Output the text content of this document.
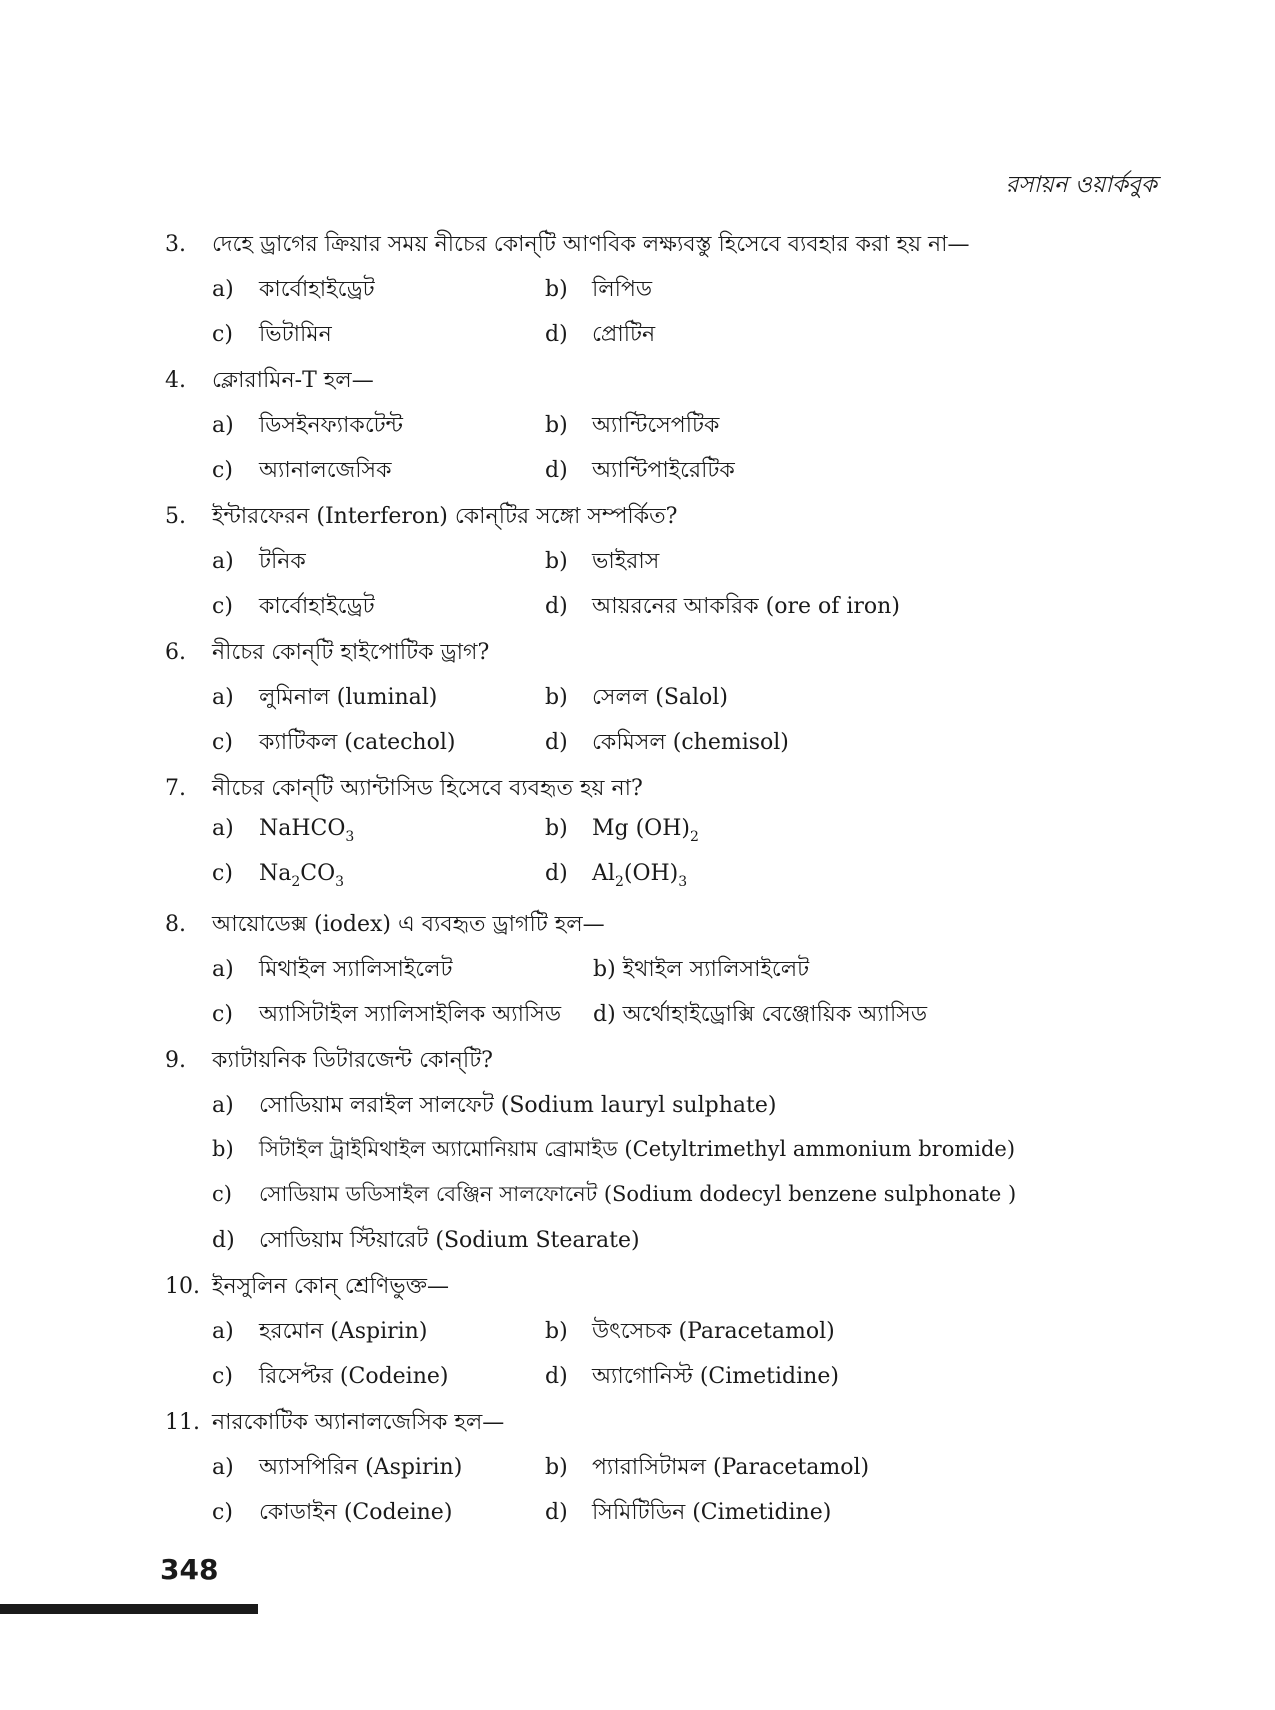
রসায়ন ওয়ার্কবুক
3. দেহে ড্রাগের ক্রিয়ার সময় নীচের কোন্‌টি আণবিক লক্ষ্যবস্তু হিসেবে ব্যবহার করা হয় না—
a) কার্বোহাইড্রেট	b) লিপিড
c) ভিটামিন	d) প্রোটিন
4. ক্লোরামিন-T হল—
a) ডিসইনফ্যাকটেন্ট	b) অ্যান্টিসেপটিক
c) অ্যানালজেসিক	d) অ্যান্টিপাইরেটিক
5. ইন্টারফেরন (Interferon) কোন্‌টির সঙ্গো সম্পর্কিত?
a) টনিক	b) ভাইরাস
c) কার্বোহাইড্রেট	d) আয়রনের আকরিক (ore of iron)
6. নীচের কোন্‌টি হাইপোটিক ড্রাগ?
a) লুমিনাল (luminal)	b) সেলল (Salol)
c) ক্যাটিকল (catechol)	d) কেমিসল (chemisol)
7. নীচের কোন্‌টি অ্যান্টাসিড হিসেবে ব্যবহৃত হয় না?
a) NaHCO$_3$	b) Mg $(OH)_2$
c) $Na_2CO_3$	d) $Al_2(OH)_3$
8. আয়োডেক্স (iodex) এ ব্যবহৃত ড্রাগটি হল—
a) মিথাইল স্যালিসাইলেট	b) ইথাইল স্যালিসাইলেট
c) অ্যাসিটাইল স্যালিসাইলিক অ্যাসিড d) অর্থোহাইড্রোক্সি বেঞ্জোয়িক অ্যাসিড
9. ক্যাটায়নিক ডিটারজেন্ট কোন্‌টি?
a) সোডিয়াম লরাইল সালফেট (Sodium lauryl sulphate)
b) সিটাইল ট্রাইমিথাইল অ্যামোনিয়াম ব্রোমাইড (Cetyltrimethyl ammonium bromide)
c) সোডিয়াম ডডিসাইল বেঞ্জিন সালফোনেট (Sodium dodecyl benzene sulphonate )
d) সোডিয়াম স্টিয়ারেট (Sodium Stearate)
10. ইনসুলিন কোন্ শ্রেণিভুক্ত—
a) হরমোন (Aspirin)	b) উৎসেচক (Paracetamol)
c) রিসেপ্টর (Codeine)	d) অ্যাগোনিস্ট (Cimetidine)
11. নারকোটিক অ্যানালজেসিক হল—
a) অ্যাসপিরিন (Aspirin)	b) প্যারাসিটামল (Paracetamol)
c) কোডাইন (Codeine)	d) সিমিটিডিন (Cimetidine)
348
